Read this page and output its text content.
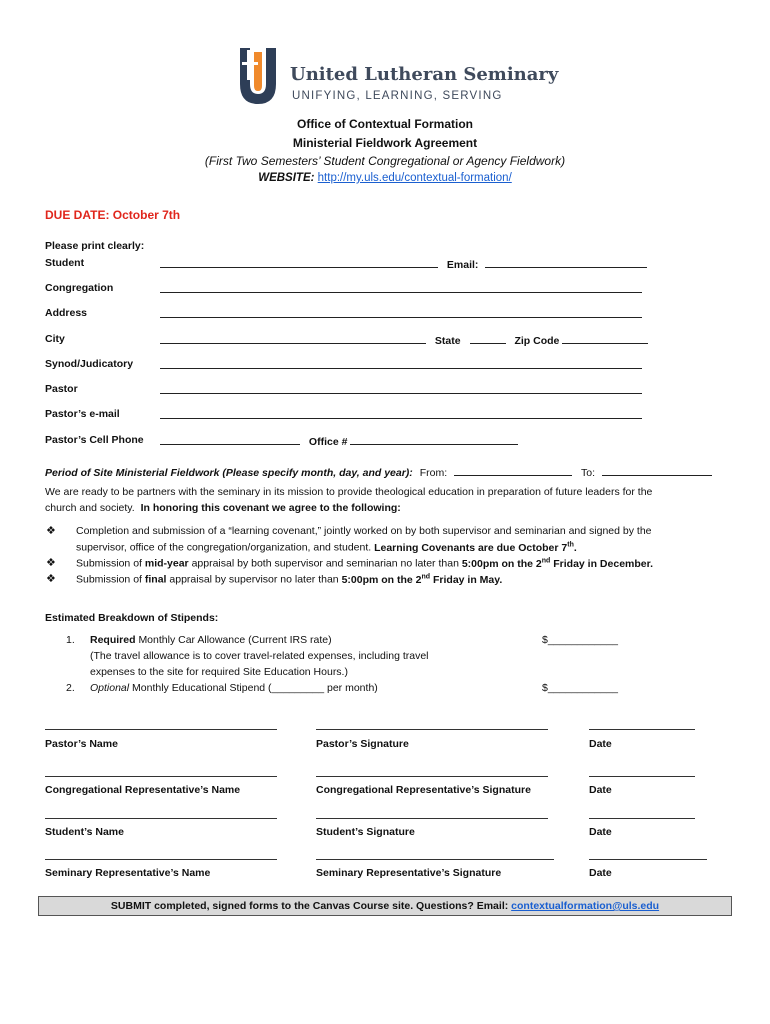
United Lutheran Seminary
UNIFYING, LEARNING, SERVING
Office of Contextual Formation
Ministerial Fieldwork Agreement
(First Two Semesters’ Student Congregational or Agency Fieldwork)
WEBSITE: http://my.uls.edu/contextual-formation/
DUE DATE: October 7th
Please print clearly:
Student	Email:
Congregation
Address
City	State	Zip Code
Synod/Judicatory
Pastor
Pastor’s e-mail
Pastor’s Cell Phone	Office #
Period of Site Ministerial Fieldwork (Please specify month, day, and year): From:	To:
We are ready to be partners with the seminary in its mission to provide theological education in preparation of future leaders for the
church and society. In honoring this covenant we agree to the following:
❖ Completion and submission of a “learning covenant,” jointly worked on by both supervisor and seminarian and signed by the
supervisor, office of the congregation/organization, and student. Learning Covenants are due October 7th.
❖ Submission of mid-year appraisal by both supervisor and seminarian no later than 5:00pm on the 2nd Friday in December.
❖ Submission of final appraisal by supervisor no later than 5:00pm on the 2nd Friday in May.
Estimated Breakdown of Stipends:
1. Required Monthly Car Allowance (Current IRS rate)
(The travel allowance is to cover travel-related expenses, including travel
expenses to the site for required Site Education Hours.)
$____________
2. Optional Monthly Educational Stipend (_________ per month)	$____________
Pastor’s Name	Pastor’s Signature	Date
Congregational Representative’s Name	Congregational Representative’s Signature	Date
Student’s Name	Student’s Signature	Date
Seminary Representative’s Name	Seminary Representative’s Signature	Date
SUBMIT completed, signed forms to the Canvas Course site. Questions? Email: contextualformation@uls.edu
